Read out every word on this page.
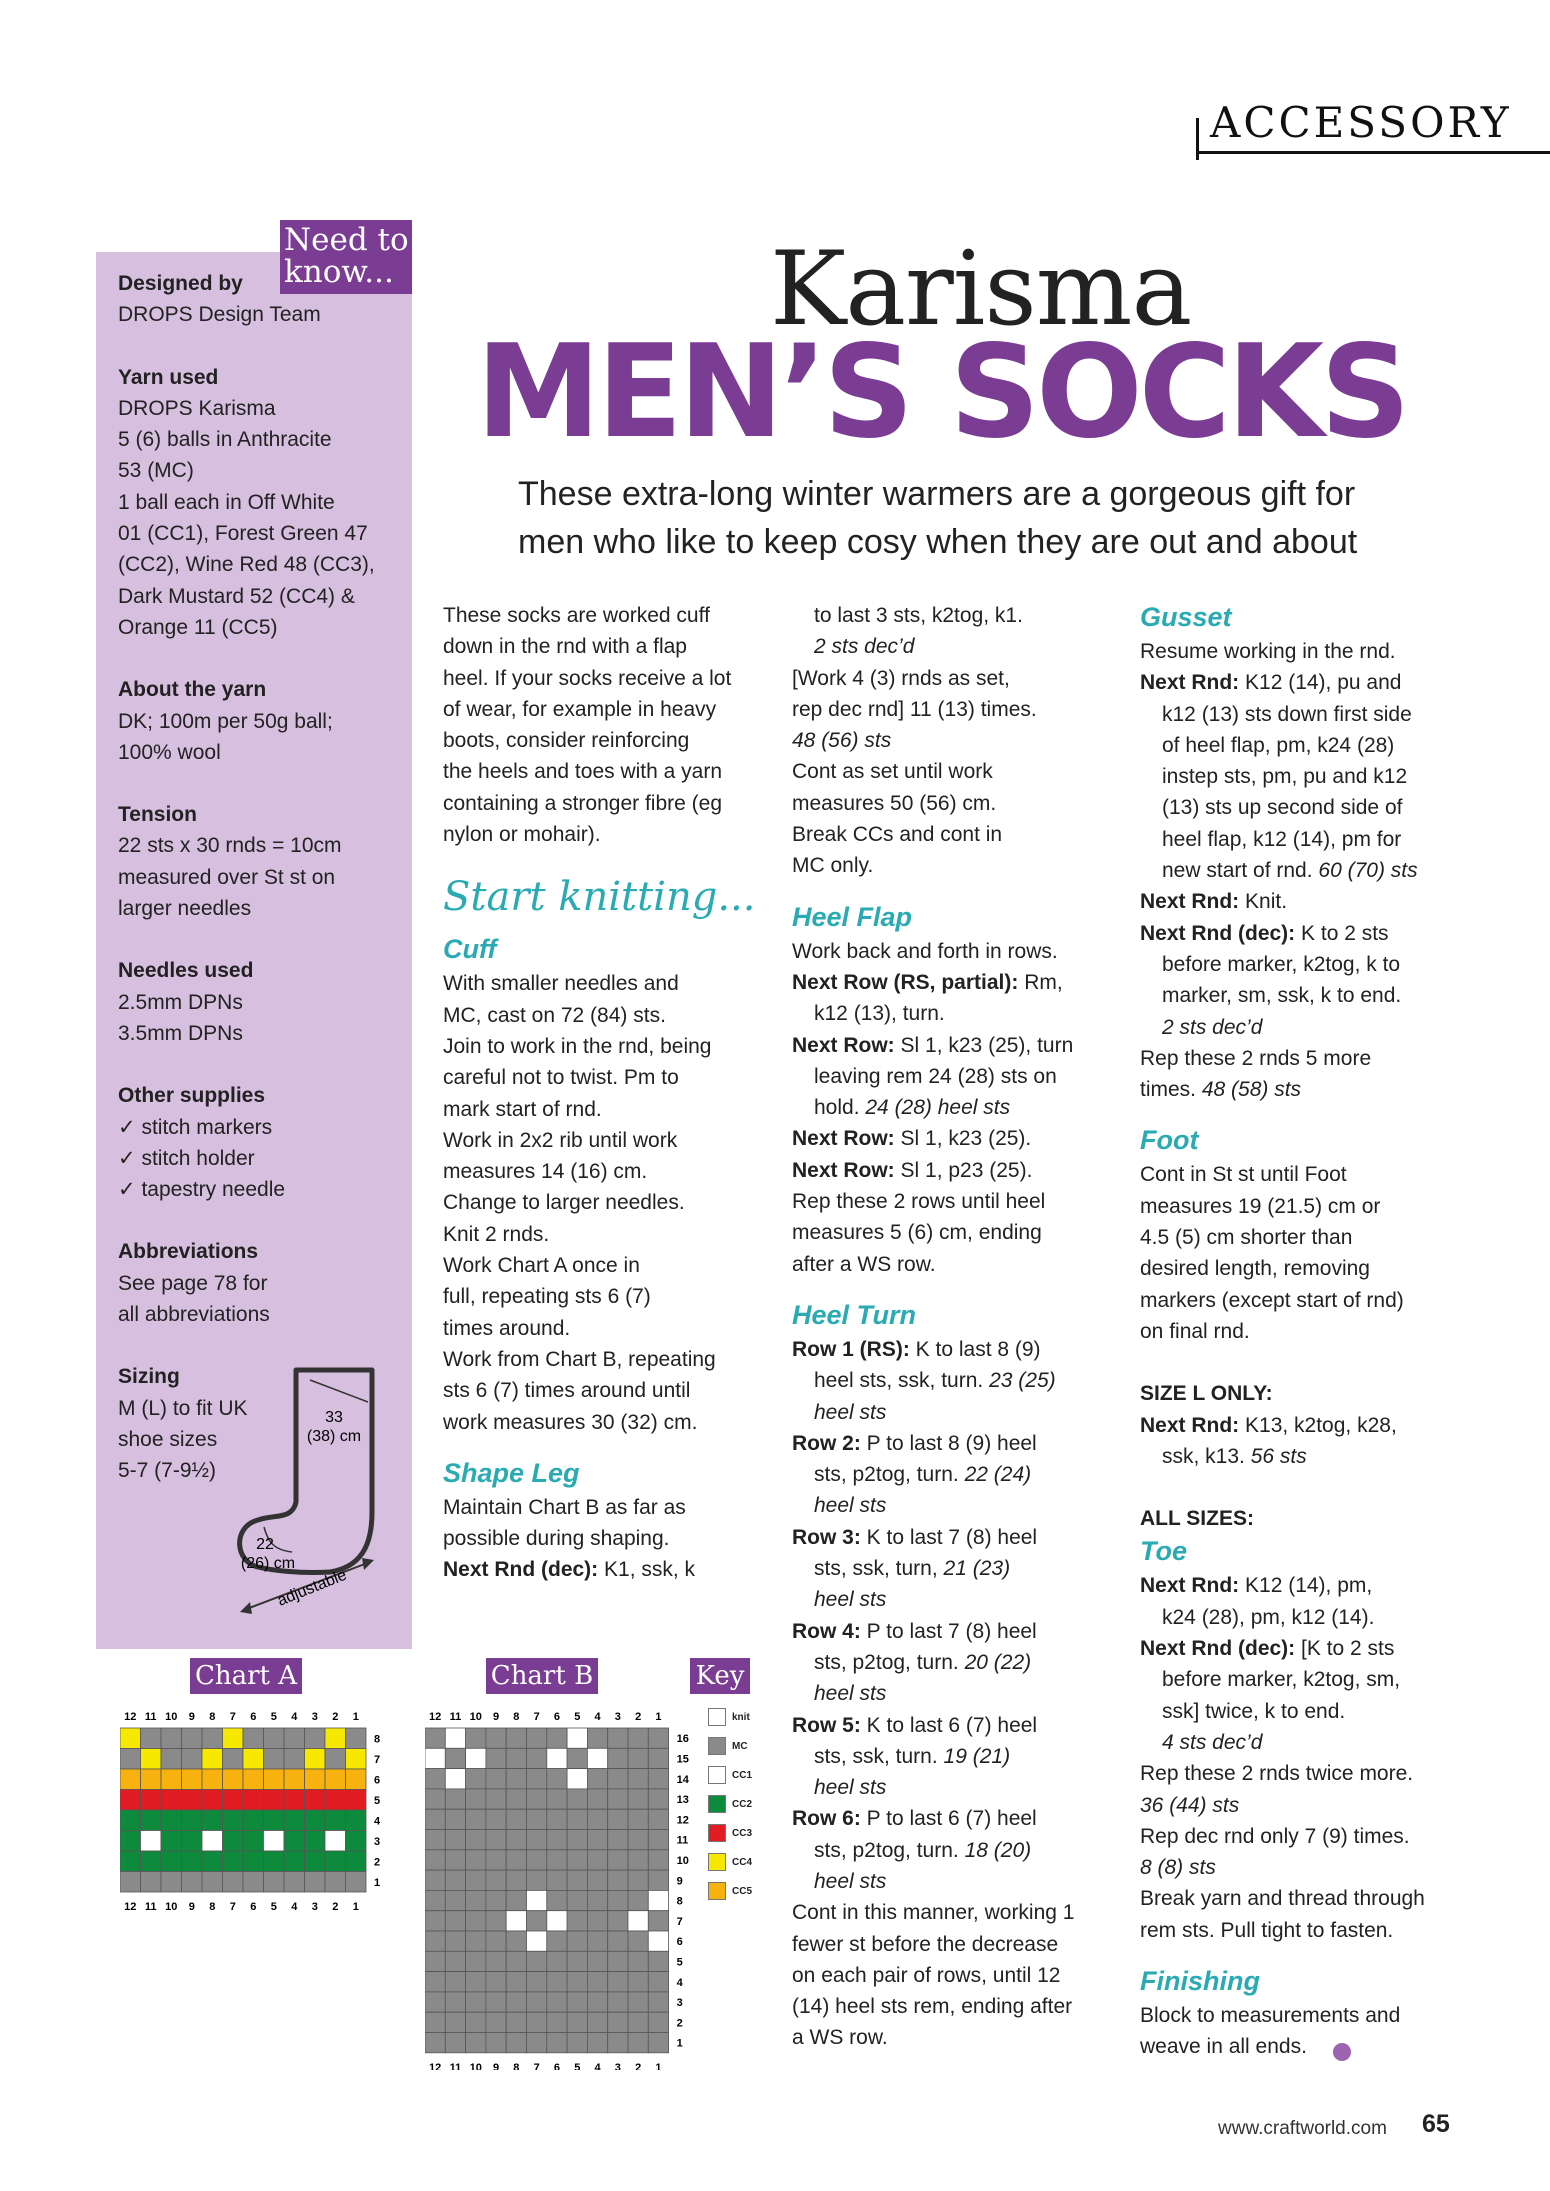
ACCESSORY
Need to
know...
Designed by
DROPS Design Team
Yarn used
DROPS Karisma
5 (6) balls in Anthracite
53 (MC)
1 ball each in Off White
01 (CC1), Forest Green 47
(CC2), Wine Red 48 (CC3),
Dark Mustard 52 (CC4) &
Orange 11 (CC5)
About the yarn
DK; 100m per 50g ball;
100% wool
Tension
22 sts x 30 rnds = 10cm
measured over St st on
larger needles
Needles used
2.5mm DPNs
3.5mm DPNs
Other supplies
✓ stitch markers
✓ stitch holder
✓ tapestry needle
Abbreviations
See page 78 for
all abbreviations
Sizing
M (L) to fit UK
shoe sizes
5-7 (7-9½)
33
(38) cm
22
(26) cm
adjustable
Karisma
MEN’S SOCKS
These extra-long winter warmers are a gorgeous gift for
men who like to keep cosy when they are out and about
These socks are worked cuff
down in the rnd with a flap
heel. If your socks receive a lot
of wear, for example in heavy
boots, consider reinforcing
the heels and toes with a yarn
containing a stronger fibre (eg
nylon or mohair).
Start knitting...
Cuff
With smaller needles and
MC, cast on 72 (84) sts.
Join to work in the rnd, being
careful not to twist. Pm to
mark start of rnd.
Work in 2x2 rib until work
measures 14 (16) cm.
Change to larger needles.
Knit 2 rnds.
Work Chart A once in
full, repeating sts 6 (7)
times around.
Work from Chart B, repeating
sts 6 (7) times around until
work measures 30 (32) cm.
Shape Leg
Maintain Chart B as far as
possible during shaping.
Next Rnd (dec): K1, ssk, k
to last 3 sts, k2tog, k1.
2 sts dec’d
[Work 4 (3) rnds as set,
rep dec rnd] 11 (13) times.
48 (56) sts
Cont as set until work
measures 50 (56) cm.
Break CCs and cont in
MC only.
Heel Flap
Work back and forth in rows.
Next Row (RS, partial): Rm,
k12 (13), turn.
Next Row: Sl 1, k23 (25), turn
leaving rem 24 (28) sts on
hold. 24 (28) heel sts
Next Row: Sl 1, k23 (25).
Next Row: Sl 1, p23 (25).
Rep these 2 rows until heel
measures 5 (6) cm, ending
after a WS row.
Heel Turn
Row 1 (RS): K to last 8 (9)
heel sts, ssk, turn. 23 (25)
heel sts
Row 2: P to last 8 (9) heel
sts, p2tog, turn. 22 (24)
heel sts
Row 3: K to last 7 (8) heel
sts, ssk, turn, 21 (23)
heel sts
Row 4: P to last 7 (8) heel
sts, p2tog, turn. 20 (22)
heel sts
Row 5: K to last 6 (7) heel
sts, ssk, turn. 19 (21)
heel sts
Row 6: P to last 6 (7) heel
sts, p2tog, turn. 18 (20)
heel sts
Cont in this manner, working 1
fewer st before the decrease
on each pair of rows, until 12
(14) heel sts rem, ending after
a WS row.
Gusset
Resume working in the rnd.
Next Rnd: K12 (14), pu and
k12 (13) sts down first side
of heel flap, pm, k24 (28)
instep sts, pm, pu and k12
(13) sts up second side of
heel flap, k12 (14), pm for
new start of rnd. 60 (70) sts
Next Rnd: Knit.
Next Rnd (dec): K to 2 sts
before marker, k2tog, k to
marker, sm, ssk, k to end.
2 sts dec’d
Rep these 2 rnds 5 more
times. 48 (58) sts
Foot
Cont in St st until Foot
measures 19 (21.5) cm or
4.5 (5) cm shorter than
desired length, removing
markers (except start of rnd)
on final rnd.
SIZE L ONLY:
Next Rnd: K13, k2tog, k28,
ssk, k13. 56 sts
ALL SIZES:
Toe
Next Rnd: K12 (14), pm,
k24 (28), pm, k12 (14).
Next Rnd (dec): [K to 2 sts
before marker, k2tog, sm,
ssk] twice, k to end.
4 sts dec’d
Rep these 2 rnds twice more.
36 (44) sts
Rep dec rnd only 7 (9) times.
8 (8) sts
Break yarn and thread through
rem sts. Pull tight to fasten.
Finishing
Block to measurements and
weave in all ends.
Chart A	Chart B	Key
12
12
11
11
10
10
9
9
8
8
7
7
6
6
5
5
4
4
3
3
2
2
1
1
8
7
6
5
4
3
2
1
12
12
11
11
10
10
9
9
8
8
7
7
6
6
5
5
4
4
3
3
2
2
1
1
16
15
14
13
12
11
10
9
8
7
6
5
4
3
2
1
knit
MC
CC1
CC2
CC3
CC4
CC5
www.craftworld.com 65
